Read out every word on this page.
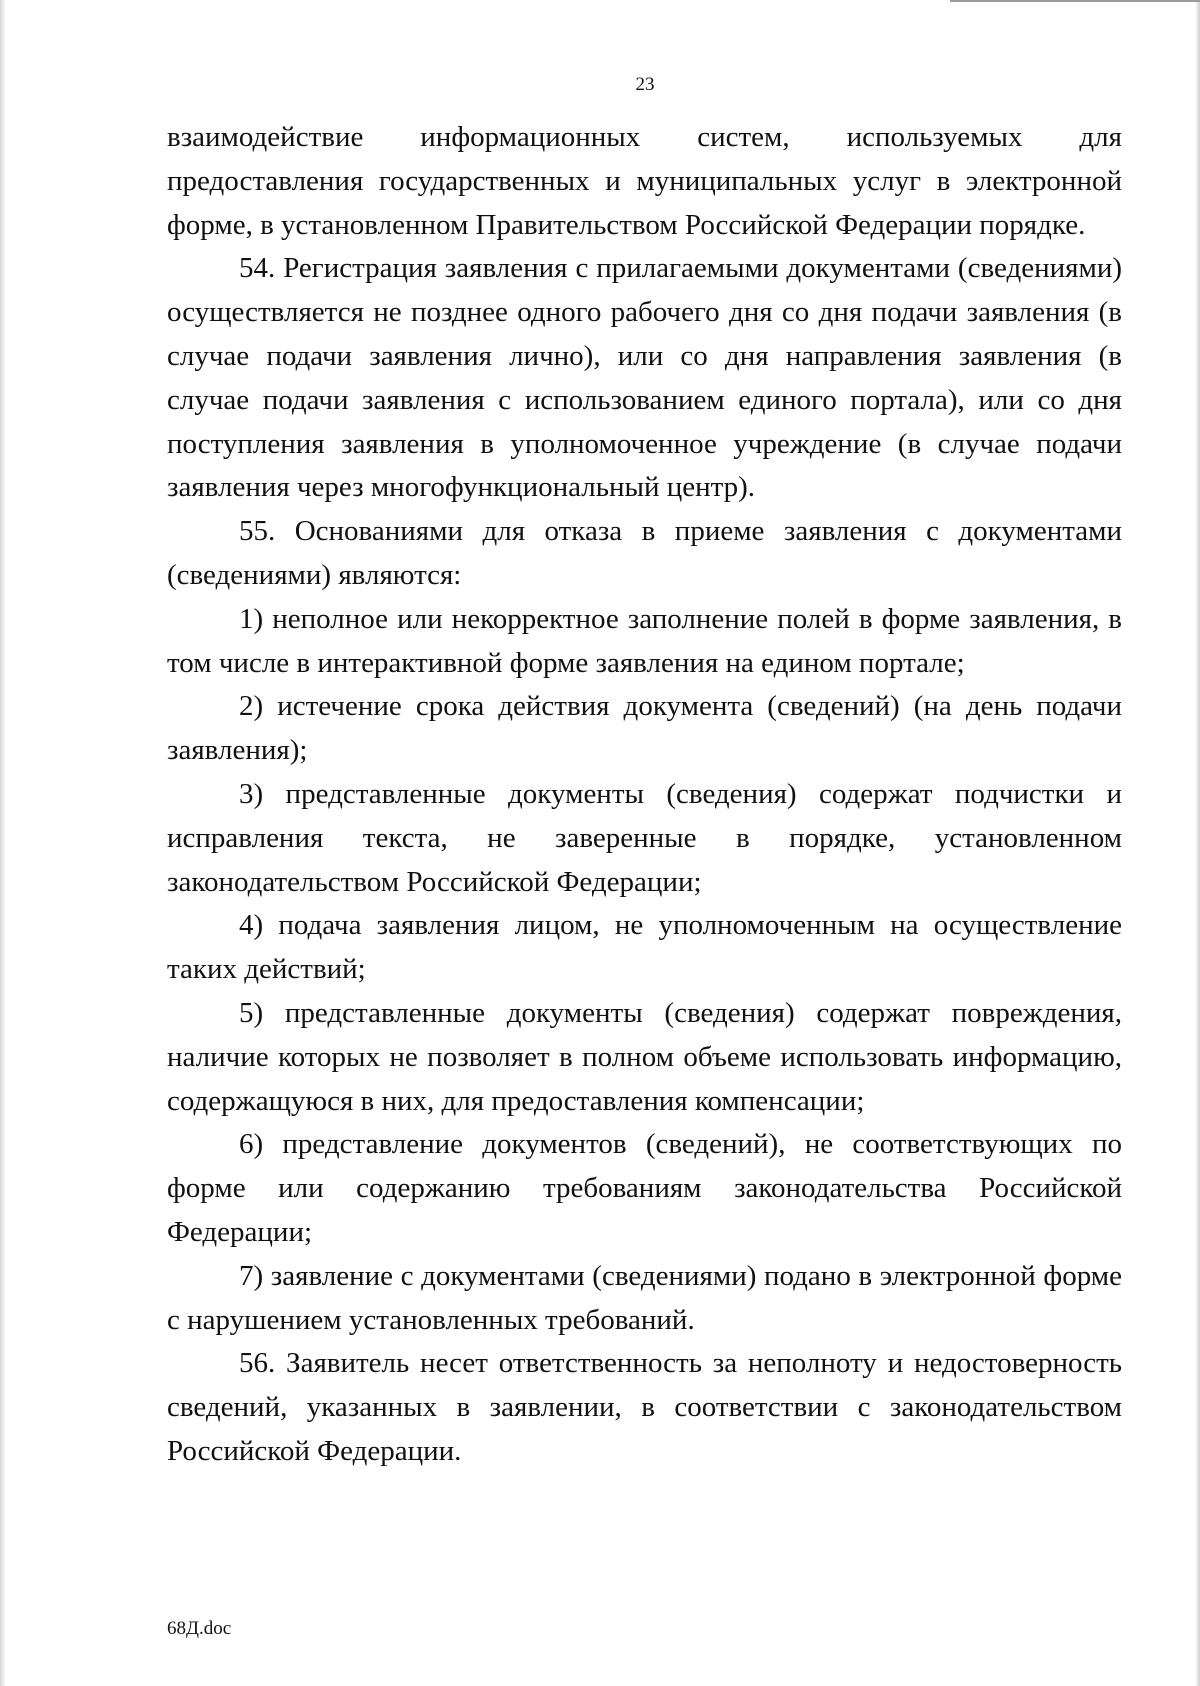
23

взаимодействие информационных систем, используемых для предоставления государственных и муниципальных услуг в электронной форме, в установленном Правительством Российской Федерации порядке.

54. Регистрация заявления с прилагаемыми документами (сведениями) осуществляется не позднее одного рабочего дня со дня подачи заявления (в случае подачи заявления лично), или со дня направления заявления (в случае подачи заявления с использованием единого портала), или со дня поступления заявления в уполномоченное учреждение (в случае подачи заявления через многофункциональный центр).

55. Основаниями для отказа в приеме заявления с документами (сведениями) являются:

1) неполное или некорректное заполнение полей в форме заявления, в том числе в интерактивной форме заявления на едином портале;

2) истечение срока действия документа (сведений) (на день подачи заявления);

3) представленные документы (сведения) содержат подчистки и исправления текста, не заверенные в порядке, установленном законодательством Российской Федерации;

4) подача заявления лицом, не уполномоченным на осуществление таких действий;

5) представленные документы (сведения) содержат повреждения, наличие которых не позволяет в полном объеме использовать информацию, содержащуюся в них, для предоставления компенсации;

6) представление документов (сведений), не соответствующих по форме или содержанию требованиям законодательства Российской Федерации;

7) заявление с документами (сведениями) подано в электронной форме с нарушением установленных требований.

56. Заявитель несет ответственность за неполноту и недостоверность сведений, указанных в заявлении, в соответствии с законодательством Российской Федерации.

68Д.doc
